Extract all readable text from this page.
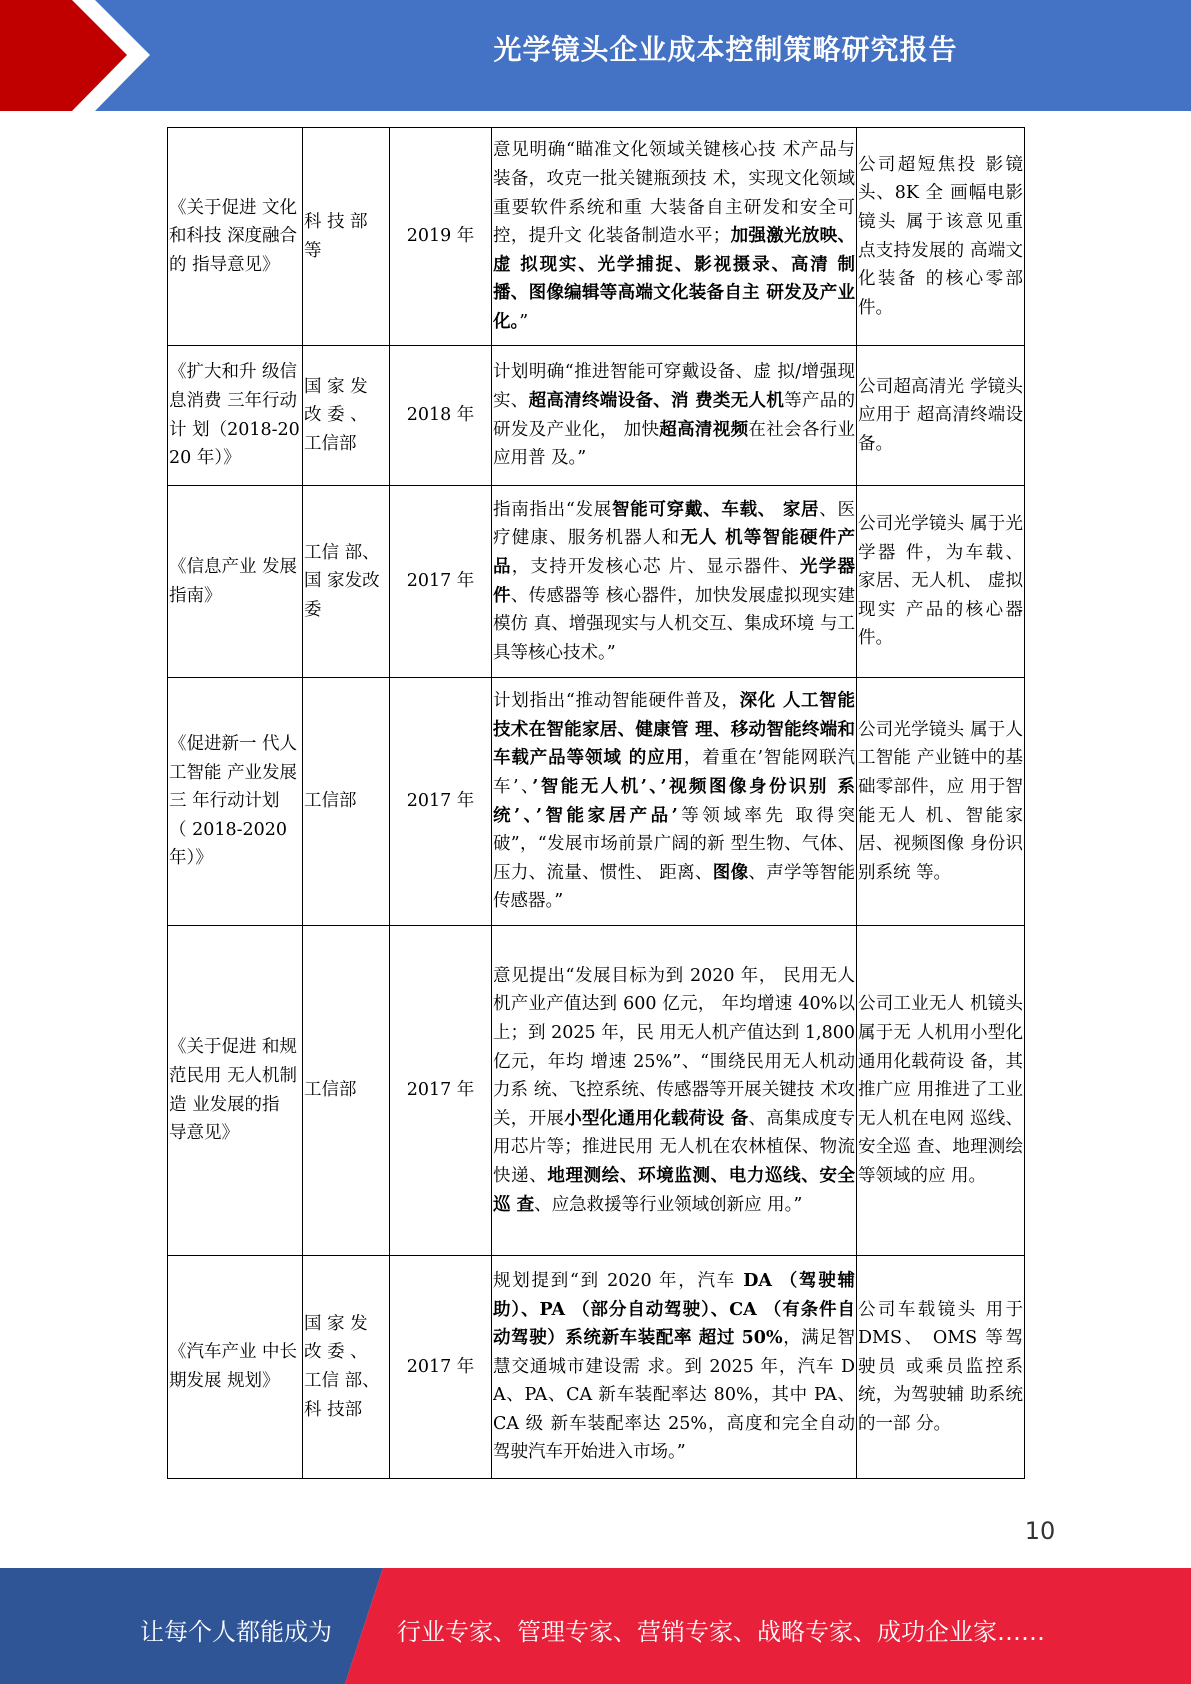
光学镜头企业成本控制策略研究报告
《关于促进 文化和科技 深度融合的 指导意见》	科 技 部 等	2019 年	意见明确“瞄准文化领域关键核心技 术产品与装备，攻克一批关键瓶颈技 术，实现文化领域重要软件系统和重 大装备自主研发和安全可控，提升文 化装备制造水平；加强激光放映、虚 拟现实、光学捕捉、影视摄录、高清 制播、图像编辑等高端文化装备自主 研发及产业化。”	公司超短焦投 影镜头、8K 全 画幅电影镜头 属于该意见重 点支持发展的 高端文化装备 的核心零部件。
《扩大和升 级信息消费 三年行动计 划（2018-2020 年）》	国 家 发 改 委 、 工信部	2018 年	计划明确“推进智能可穿戴设备、虚 拟/增强现实、超高清终端设备、消 费类无人机等产品的研发及产业化， 加快超高清视频在社会各行业应用普 及。”	公司超高清光 学镜头应用于 超高清终端设 备。
《信息产业 发展指南》	工信 部、国 家发改 委	2017 年	指南指出“发展智能可穿戴、车载、 家居、医疗健康、服务机器人和无人 机等智能硬件产品，支持开发核心芯 片、显示器件、光学器件、传感器等 核心器件，加快发展虚拟现实建模仿 真、增强现实与人机交互、集成环境 与工具等核心技术。”	公司光学镜头 属于光学器 件，为车载、 家居、无人机、 虚拟现实 产品的核心器 件。
《促进新一 代人工智能 产业发展三 年行动计划 （ 2018-2020 年）》	工信部	2017 年	计划指出“推动智能硬件普及，深化 人工智能技术在智能家居、健康管 理、移动智能终端和车载产品等领域 的应用，着重在’智能网联汽车’、’智能无人机’、’视频图像身份识别 系统’、’智能家居产品’等领域率先 取得突破”，“发展市场前景广阔的新 型生物、气体、压力、流量、惯性、 距离、图像、声学等智能传感器。”	公司光学镜头 属于人工智能 产业链中的基 础零部件，应 用于智能无人 机、智能家居、视频图像 身份识别系统 等。
《关于促进 和规范民用 无人机制造 业发展的指 导意见》	工信部	2017 年	意见提出“发展目标为到 2020 年， 民用无人机产业产值达到 600 亿元， 年均增速 40%以上；到 2025 年，民 用无人机产值达到 1,800 亿元，年均 增速 25%”、“围绕民用无人机动力系 统、飞控系统、传感器等开展关键技 术攻关，开展小型化通用化载荷设 备、高集成度专用芯片等；推进民用 无人机在农林植保、物流快递、地理测绘、环境监测、电力巡线、安全巡 查、应急救援等行业领域创新应 用。”	公司工业无人 机镜头属于无 人机用小型化 通用化载荷设 备，其推广应 用推进了工业无人机在电网 巡线、安全巡 查、地理测绘 等领域的应 用。
《汽车产业 中长期发展 规划》	国 家 发 改 委 、 工信 部、 科 技部	2017 年	规划提到“到 2020 年，汽车 DA （驾驶辅助）、PA （部分自动驾驶）、CA （有条件自动驾驶）系统新车装配率 超过 50%，满足智慧交通城市建设需 求。到 2025 年，汽车 DA、PA、CA 新车装配率达 80%，其中 PA、CA 级 新车装配率达 25%，高度和完全自动 驾驶汽车开始进入市场。”	公司车载镜头 用于 DMS、 OMS 等驾驶员 或乘员监控系 统，为驾驶辅 助系统的一部 分。
10
让每个人都能成为	行业专家、管理专家、营销专家、战略专家、成功企业家……
